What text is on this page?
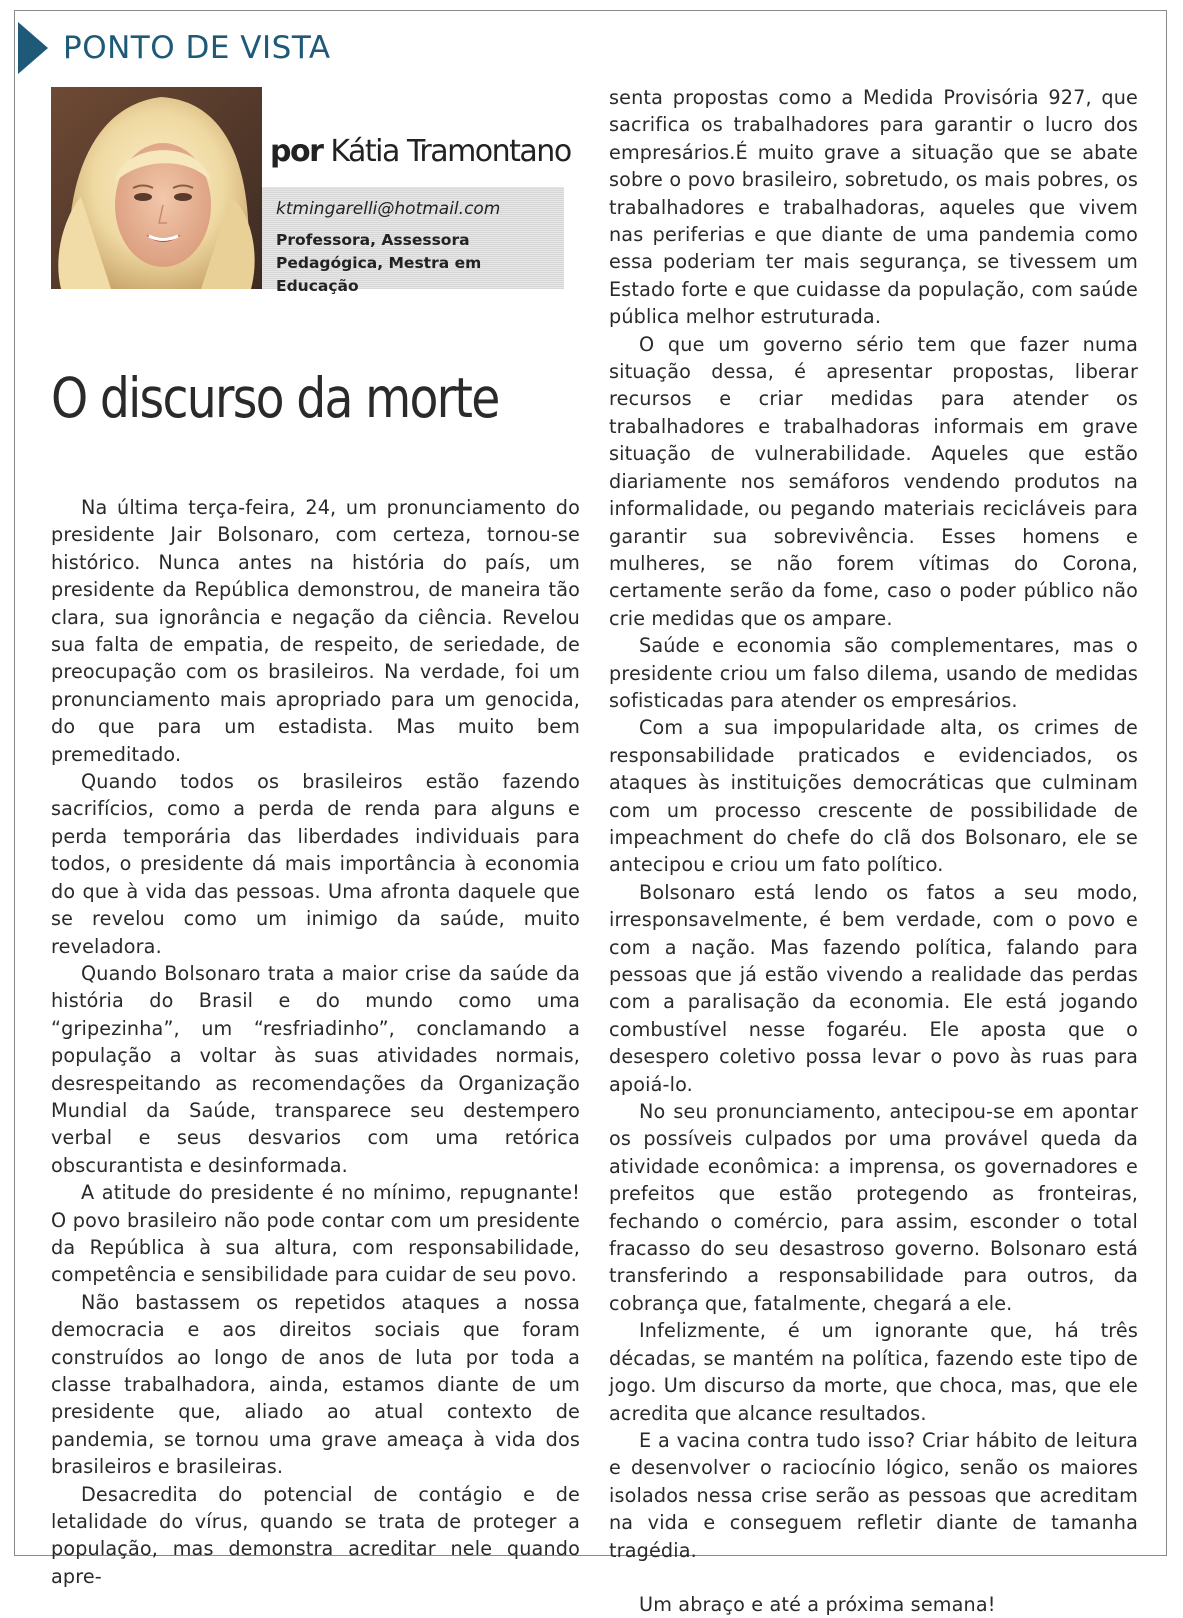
PONTO DE VISTA
por Kátia Tramontano
ktmingarelli@hotmail.com
Professora, Assessora
Pedagógica, Mestra em Educação
O discurso da morte

Na última terça-feira, 24, um pronunciamento do presidente Jair Bolsonaro, com certeza, tornou-se histórico. Nunca antes na história do país, um presidente da República demonstrou, de maneira tão clara, sua ignorância e negação da ciência. Revelou sua falta de empatia, de respeito, de seriedade, de preocupação com os brasileiros. Na verdade, foi um pronunciamento mais apropriado para um genocida, do que para um estadista. Mas muito bem premeditado.

Quando todos os brasileiros estão fazendo sacrifícios, como a perda de renda para alguns e perda temporária das liberdades individuais para todos, o presidente dá mais importância à economia do que à vida das pessoas. Uma afronta daquele que se revelou como um inimigo da saúde, muito reveladora.

Quando Bolsonaro trata a maior crise da saúde da história do Brasil e do mundo como uma “gripezinha”, um “resfriadinho”, conclamando a população a voltar às suas atividades normais, desrespeitando as recomendações da Organização Mundial da Saúde, transparece seu destempero verbal e seus desvarios com uma retórica obscurantista e desinformada.

A atitude do presidente é no mínimo, repugnante! O povo brasileiro não pode contar com um presidente da República à sua altura, com responsabilidade, competência e sensibilidade para cuidar de seu povo.

Não bastassem os repetidos ataques a nossa democracia e aos direitos sociais que foram construídos ao longo de anos de luta por toda a classe trabalhadora, ainda, estamos diante de um presidente que, aliado ao atual contexto de pandemia, se tornou uma grave ameaça à vida dos brasileiros e brasileiras.

Desacredita do potencial de contágio e de letalidade do vírus, quando se trata de proteger a população, mas demonstra acreditar nele quando apre-

senta propostas como a Medida Provisória 927, que sacrifica os trabalhadores para garantir o lucro dos empresários.É muito grave a situação que se abate sobre o povo brasileiro, sobretudo, os mais pobres, os trabalhadores e trabalhadoras, aqueles que vivem nas periferias e que diante de uma pandemia como essa poderiam ter mais segurança, se tivessem um Estado forte e que cuidasse da população, com saúde pública melhor estruturada.

O que um governo sério tem que fazer numa situação dessa, é apresentar propostas, liberar recursos e criar medidas para atender os trabalhadores e trabalhadoras informais em grave situação de vulnerabilidade. Aqueles que estão diariamente nos semáforos vendendo produtos na informalidade, ou pegando materiais recicláveis para garantir sua sobrevivência. Esses homens e mulheres, se não forem vítimas do Corona, certamente serão da fome, caso o poder público não crie medidas que os ampare.

Saúde e economia são complementares, mas o presidente criou um falso dilema, usando de medidas sofisticadas para atender os empresários.

Com a sua impopularidade alta, os crimes de responsabilidade praticados e evidenciados, os ataques às instituições democráticas que culminam com um processo crescente de possibilidade de impeachment do chefe do clã dos Bolsonaro, ele se antecipou e criou um fato político.

Bolsonaro está lendo os fatos a seu modo, irresponsavelmente, é bem verdade, com o povo e com a nação. Mas fazendo política, falando para pessoas que já estão vivendo a realidade das perdas com a paralisação da economia. Ele está jogando combustível nesse fogaréu. Ele aposta que o desespero coletivo possa levar o povo às ruas para apoiá-lo.

No seu pronunciamento, antecipou-se em apontar os possíveis culpados por uma provável queda da atividade econômica: a imprensa, os governadores e prefeitos que estão protegendo as fronteiras, fechando o comércio, para assim, esconder o total fracasso do seu desastroso governo. Bolsonaro está transferindo a responsabilidade para outros, da cobrança que, fatalmente, chegará a ele.

Infelizmente, é um ignorante que, há três décadas, se mantém na política, fazendo este tipo de jogo. Um discurso da morte, que choca, mas, que ele acredita que alcance resultados.

E a vacina contra tudo isso? Criar hábito de leitura e desenvolver o raciocínio lógico, senão os maiores isolados nessa crise serão as pessoas que acreditam na vida e conseguem refletir diante de tamanha tragédia.

Um abraço e até a próxima semana!
